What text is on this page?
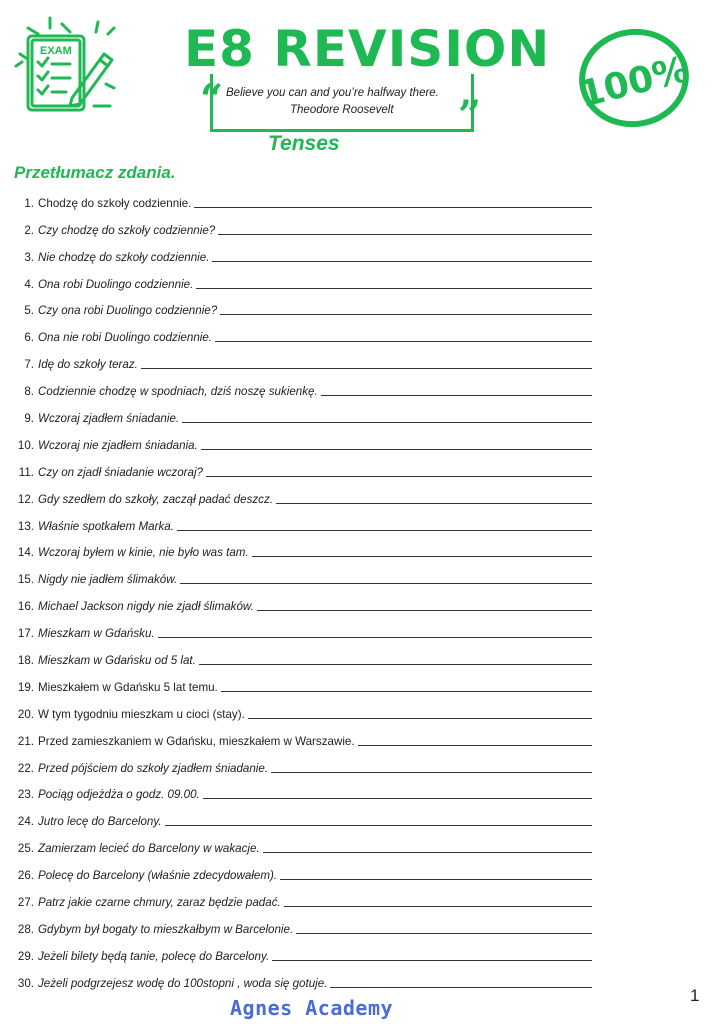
EXAM E8 REVISION
100%
“	”
Believe you can and you’re halfway there.
Theodore Roosevelt
Tenses
Przetłumacz zdania.
1. Chodzę do szkoły codziennie.
2. Czy chodzę do szkoły codziennie?
3. Nie chodzę do szkoły codziennie.
4. Ona robi Duolingo codziennie.
5. Czy ona robi Duolingo codziennie?
6. Ona nie robi Duolingo codziennie.
7. Idę do szkoły teraz.
8. Codziennie chodzę w spodniach, dziś noszę sukienkę.
9. Wczoraj zjadłem śniadanie.
10. Wczoraj nie zjadłem śniadania.
11. Czy on zjadł śniadanie wczoraj?
12. Gdy szedłem do szkoły, zaczął padać deszcz.
13. Właśnie spotkałem Marka.
14. Wczoraj byłem w kinie, nie było was tam.
15. Nigdy nie jadłem ślimaków.
16. Michael Jackson nigdy nie zjadł ślimaków.
17. Mieszkam w Gdańsku.
18. Mieszkam w Gdańsku od 5 lat.
19. Mieszkałem w Gdańsku 5 lat temu.
20. W tym tygodniu mieszkam u cioci (stay).
21. Przed zamieszkaniem w Gdańsku, mieszkałem w Warszawie.
22. Przed pójściem do szkoły zjadłem śniadanie.
23. Pociąg odjeżdża o godz. 09.00.
24. Jutro lecę do Barcelony.
25. Zamierzam lecieć do Barcelony w wakacje.
26. Polecę do Barcelony (właśnie zdecydowałem).
27. Patrz jakie czarne chmury, zaraz będzie padać.
28. Gdybym był bogaty to mieszkałbym w Barcelonie.
29. Jeżeli bilety będą tanie, polecę do Barcelony.
30. Jeżeli podgrzejesz wodę do 100stopni , woda się gotuje.
Agnes Academy
1
